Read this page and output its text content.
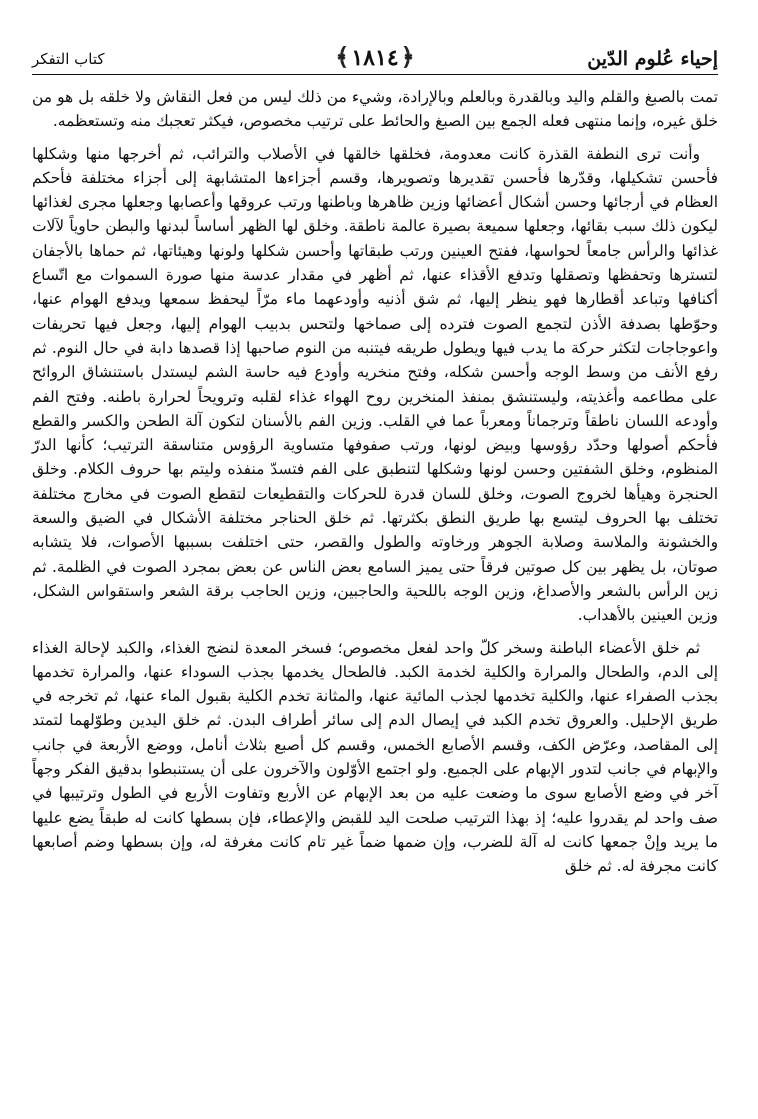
إحياء عُلوم الدّين
﴿١٨١٤﴾
كتاب التفكر

تمت بالصبغ والقلم واليد وبالقدرة وبالعلم وبالإرادة، وشيء من ذلك ليس من فعل النقاش ولا خلقه بل هو من خلق غيره، وإنما منتهى فعله الجمع بين الصبغ والحائط على ترتيب مخصوص، فيكثر تعجبك منه وتستعظمه.

وأنت ترى النطفة القذرة كانت معدومة، فخلقها خالقها في الأصلاب والترائب، ثم أخرجها منها وشكلها فأحسن تشكيلها، وقدّرها فأحسن تقديرها وتصويرها، وقسم أجزاءها المتشابهة إلى أجزاء مختلفة فأحكم العظام في أرجائها وحسن أشكال أعضائها وزين ظاهرها وباطنها ورتب عروقها وأعصابها وجعلها مجرى لغذائها ليكون ذلك سبب بقائها، وجعلها سميعة بصيرة عالمة ناطقة. وخلق لها الظهر أساساً لبدنها والبطن حاوياً لآلات غذائها والرأس جامعاً لحواسها، ففتح العينين ورتب طبقاتها وأحسن شكلها ولونها وهيئاتها، ثم حماها بالأجفان لتسترها وتحفظها وتصقلها وتدفع الأقذاء عنها، ثم أظهر في مقدار عدسة منها صورة السموات مع اتّساع أكنافها وتباعد أقطارها فهو ينظر إليها، ثم شق أذنيه وأودعهما ماء مرّاً ليحفظ سمعها ويدفع الهوام عنها، وحوّطها بصدفة الأذن لتجمع الصوت فترده إلى صماخها ولتحس بدبيب الهوام إليها، وجعل فيها تحريفات واعوجاجات لتكثر حركة ما يدب فيها ويطول طريقه فيتنبه من النوم صاحبها إذا قصدها دابة في حال النوم. ثم رفع الأنف من وسط الوجه وأحسن شكله، وفتح منخريه وأودع فيه حاسة الشم ليستدل باستنشاق الروائح على مطاعمه وأغذيته، وليستنشق بمنفذ المنخرين روح الهواء غذاء لقلبه وترويحاً لحرارة باطنه. وفتح الفم وأودعه اللسان ناطقاً وترجماناً ومعرباً عما في القلب. وزين الفم بالأسنان لتكون آلة الطحن والكسر والقطع فأحكم أصولها وحدّد رؤوسها وبيض لونها، ورتب صفوفها متساوية الرؤوس متناسقة الترتيب؛ كأنها الدرّ المنظوم، وخلق الشفتين وحسن لونها وشكلها لتنطبق على الفم فتسدّ منفذه وليتم بها حروف الكلام. وخلق الحنجرة وهيأها لخروج الصوت، وخلق للسان قدرة للحركات والتقطيعات لتقطع الصوت في مخارج مختلفة تختلف بها الحروف ليتسع بها طريق النطق بكثرتها. ثم خلق الحناجر مختلفة الأشكال في الضيق والسعة والخشونة والملاسة وصلابة الجوهر ورخاوته والطول والقصر، حتى اختلفت بسببها الأصوات، فلا يتشابه صوتان، بل يظهر بين كل صوتين فرقاً حتى يميز السامع بعض الناس عن بعض بمجرد الصوت في الظلمة. ثم زين الرأس بالشعر والأصداغ، وزين الوجه باللحية والحاجبين، وزين الحاجب برقة الشعر واستقواس الشكل، وزين العينين بالأهداب.

ثم خلق الأعضاء الباطنة وسخر كلّ واحد لفعل مخصوص؛ فسخر المعدة لنضج الغذاء، والكبد لإحالة الغذاء إلى الدم، والطحال والمرارة والكلية لخدمة الكبد. فالطحال يخدمها بجذب السوداء عنها، والمرارة تخدمها بجذب الصفراء عنها، والكلية تخدمها لجذب المائية عنها، والمثانة تخدم الكلية بقبول الماء عنها، ثم تخرجه في طريق الإحليل. والعروق تخدم الكبد في إيصال الدم إلى سائر أطراف البدن. ثم خلق اليدين وطوّلهما لتمتد إلى المقاصد، وعرّض الكف، وقسم الأصابع الخمس، وقسم كل أصبع بثلاث أنامل، ووضع الأربعة في جانب والإبهام في جانب لتدور الإبهام على الجميع. ولو اجتمع الأوّلون والآخرون على أن يستنبطوا بدقيق الفكر وجهاً آخر في وضع الأصابع سوى ما وضعت عليه من بعد الإبهام عن الأربع وتفاوت الأربع في الطول وترتيبها في صف واحد لم يقدروا عليه؛ إذ بهذا الترتيب صلحت اليد للقبض والإعطاء، فإن بسطها كانت له طبقاً يضع عليها ما يريد وإنْ جمعها كانت له آلة للضرب، وإن ضمها ضماً غير تام كانت مغرفة له، وإن بسطها وضم أصابعها كانت مجرفة له. ثم خلق
